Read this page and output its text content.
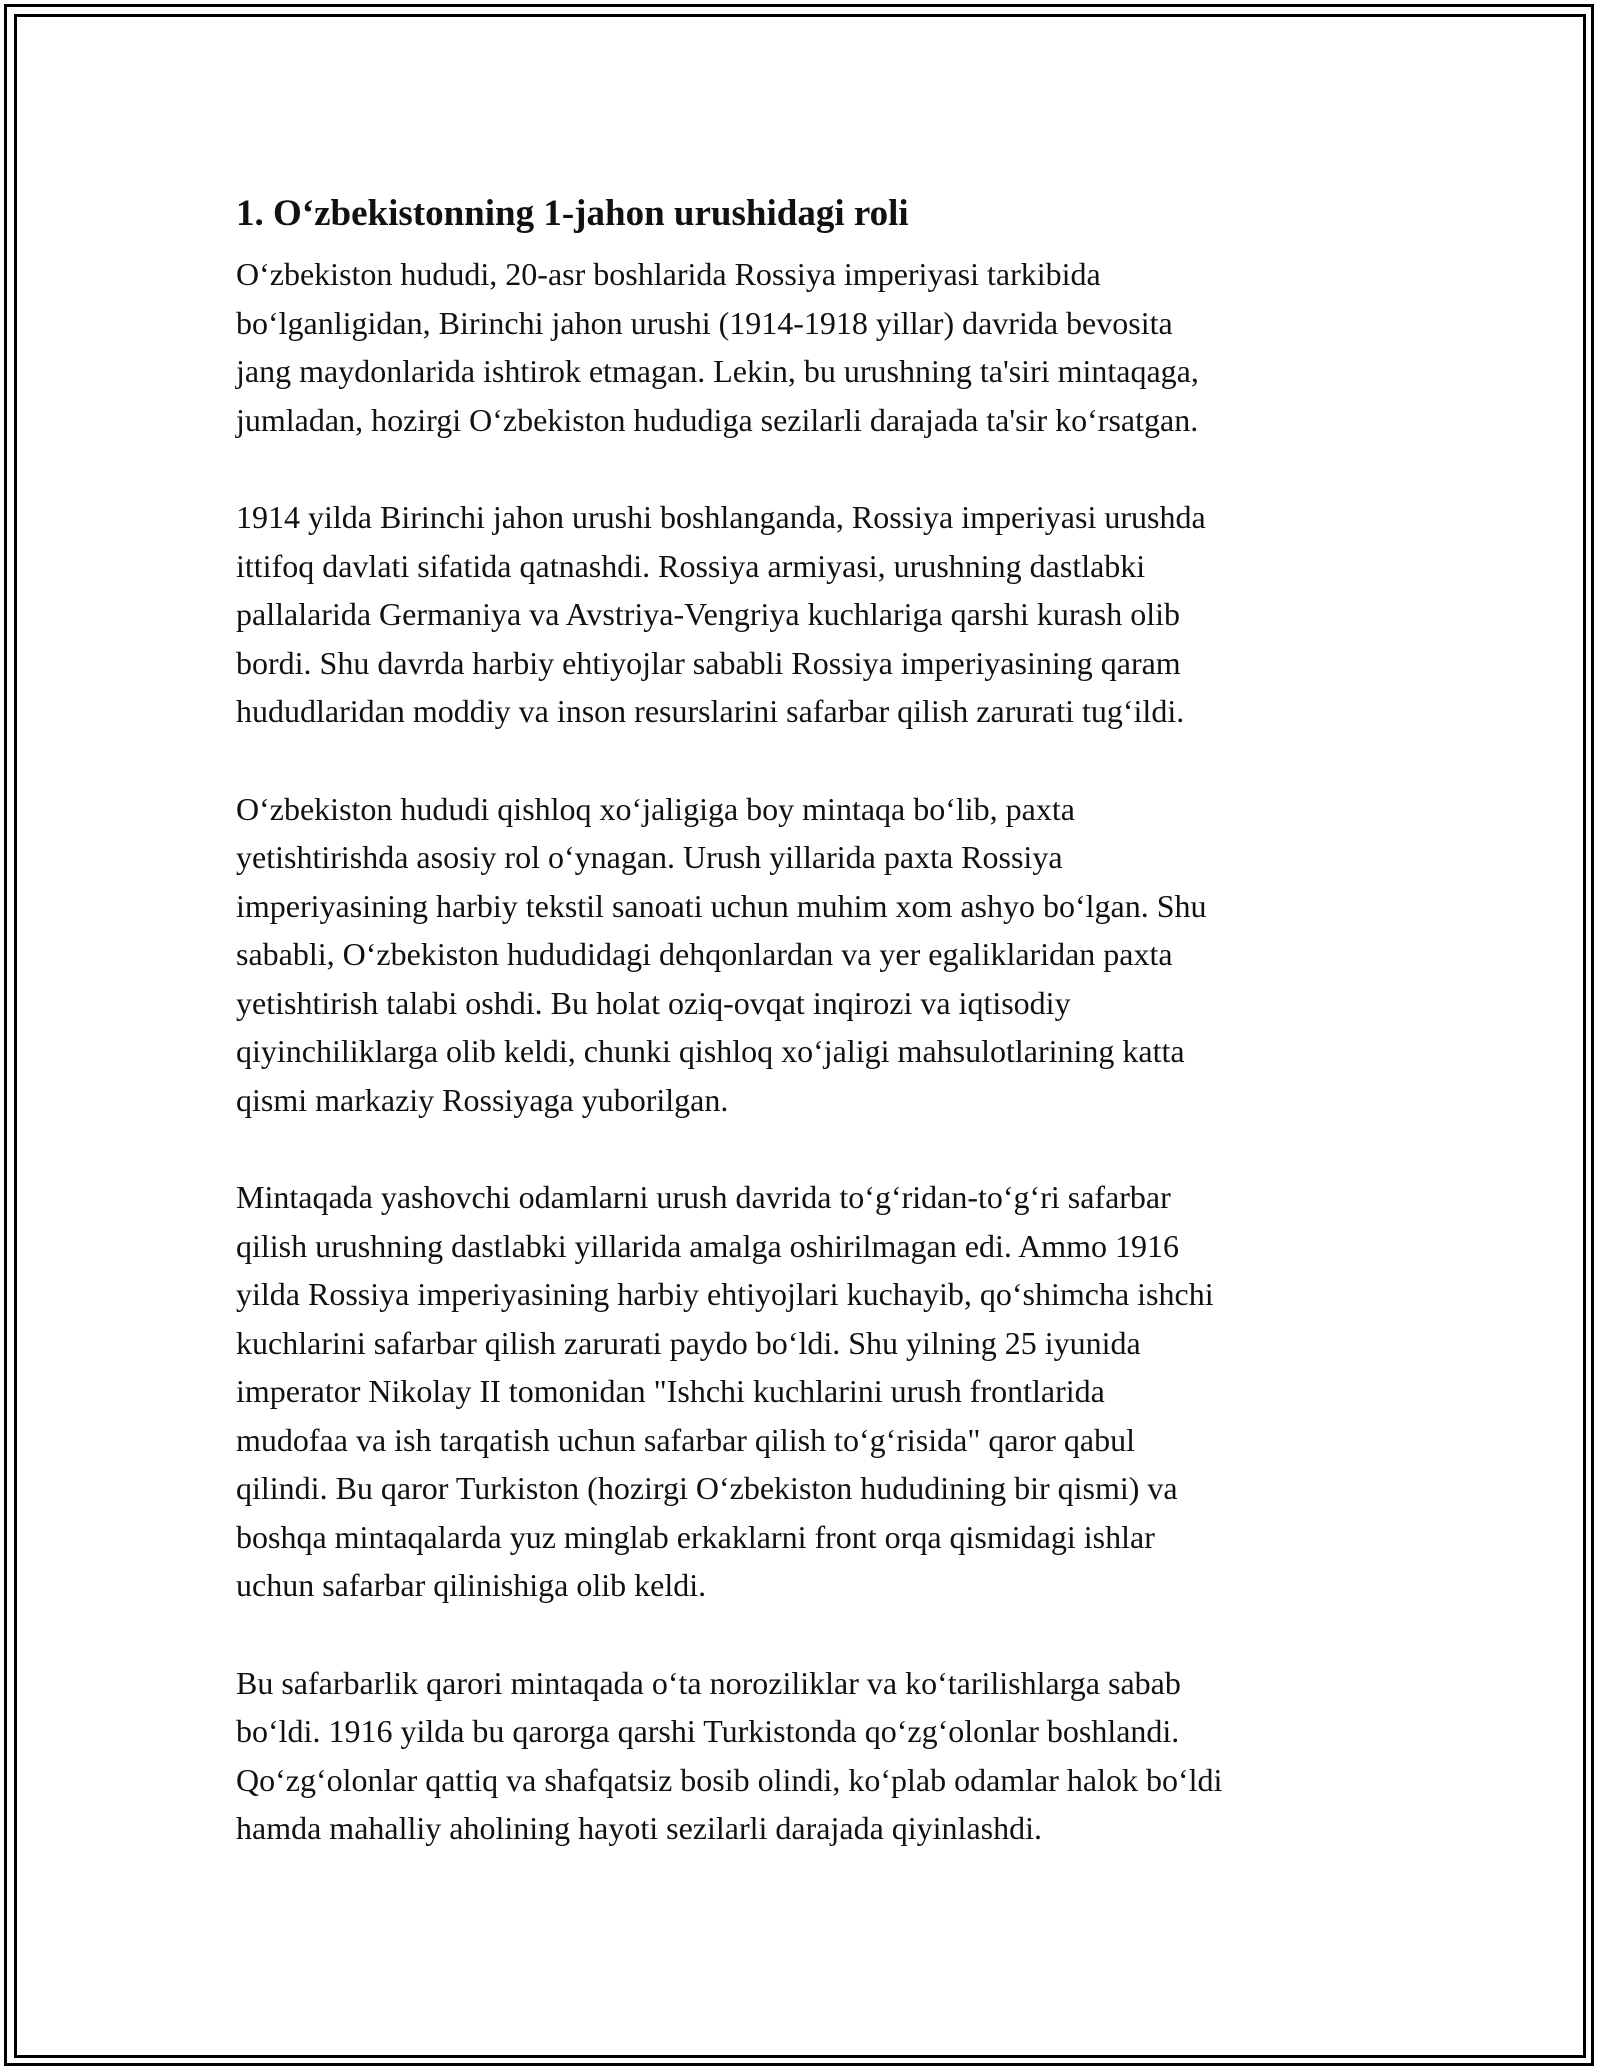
1. O‘zbekistonning 1-jahon urushidagi roli

O‘zbekiston hududi, 20-asr boshlarida Rossiya imperiyasi tarkibida
bo‘lganligidan, Birinchi jahon urushi (1914-1918 yillar) davrida bevosita
jang maydonlarida ishtirok etmagan. Lekin, bu urushning ta'siri mintaqaga,
jumladan, hozirgi O‘zbekiston hududiga sezilarli darajada ta'sir ko‘rsatgan.

1914 yilda Birinchi jahon urushi boshlanganda, Rossiya imperiyasi urushda
ittifoq davlati sifatida qatnashdi. Rossiya armiyasi, urushning dastlabki
pallalarida Germaniya va Avstriya-Vengriya kuchlariga qarshi kurash olib
bordi. Shu davrda harbiy ehtiyojlar sababli Rossiya imperiyasining qaram
hududlaridan moddiy va inson resurslarini safarbar qilish zarurati tug‘ildi.

O‘zbekiston hududi qishloq xo‘jaligiga boy mintaqa bo‘lib, paxta
yetishtirishda asosiy rol o‘ynagan. Urush yillarida paxta Rossiya
imperiyasining harbiy tekstil sanoati uchun muhim xom ashyo bo‘lgan. Shu
sababli, O‘zbekiston hududidagi dehqonlardan va yer egaliklaridan paxta
yetishtirish talabi oshdi. Bu holat oziq-ovqat inqirozi va iqtisodiy
qiyinchiliklarga olib keldi, chunki qishloq xo‘jaligi mahsulotlarining katta
qismi markaziy Rossiyaga yuborilgan.

Mintaqada yashovchi odamlarni urush davrida to‘g‘ridan-to‘g‘ri safarbar
qilish urushning dastlabki yillarida amalga oshirilmagan edi. Ammo 1916
yilda Rossiya imperiyasining harbiy ehtiyojlari kuchayib, qo‘shimcha ishchi
kuchlarini safarbar qilish zarurati paydo bo‘ldi. Shu yilning 25 iyunida
imperator Nikolay II tomonidan "Ishchi kuchlarini urush frontlarida
mudofaa va ish tarqatish uchun safarbar qilish to‘g‘risida" qaror qabul
qilindi. Bu qaror Turkiston (hozirgi O‘zbekiston hududining bir qismi) va
boshqa mintaqalarda yuz minglab erkaklarni front orqa qismidagi ishlar
uchun safarbar qilinishiga olib keldi.

Bu safarbarlik qarori mintaqada o‘ta noroziliklar va ko‘tarilishlarga sabab
bo‘ldi. 1916 yilda bu qarorga qarshi Turkistonda qo‘zg‘olonlar boshlandi.
Qo‘zg‘olonlar qattiq va shafqatsiz bosib olindi, ko‘plab odamlar halok bo‘ldi
hamda mahalliy aholining hayoti sezilarli darajada qiyinlashdi.
